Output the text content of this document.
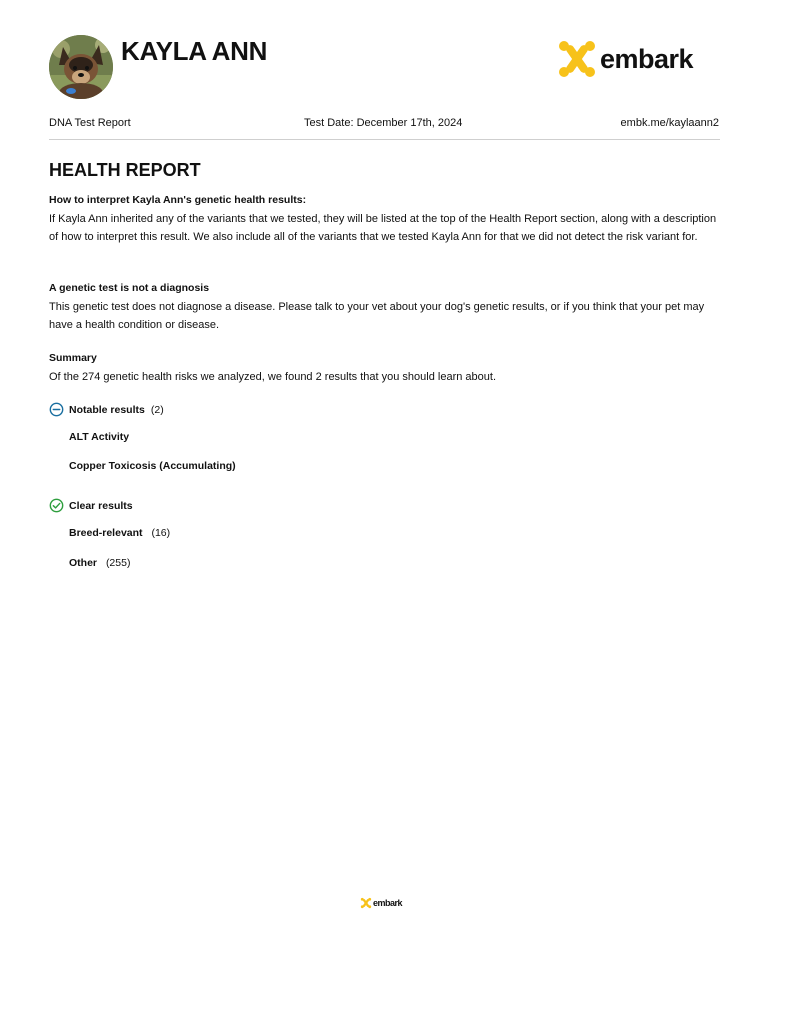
KAYLA ANN	embark
DNA Test Report	Test Date: December 17th, 2024	embk.me/kaylaann2
HEALTH REPORT
How to interpret Kayla Ann's genetic health results:

If Kayla Ann inherited any of the variants that we tested, they will be listed at the top of the Health Report section, along with a description of how to interpret this result. We also include all of the variants that we tested Kayla Ann for that we did not detect the risk variant for.

A genetic test is not a diagnosis

This genetic test does not diagnose a disease. Please talk to your vet about your dog's genetic results, or if you think that your pet may have a health condition or disease.

Summary

Of the 274 genetic health risks we analyzed, we found 2 results that you should learn about.

Notable results (2)
ALT Activity
Copper Toxicosis (Accumulating)
Clear results
Breed-relevant (16)
Other (255)
embark
